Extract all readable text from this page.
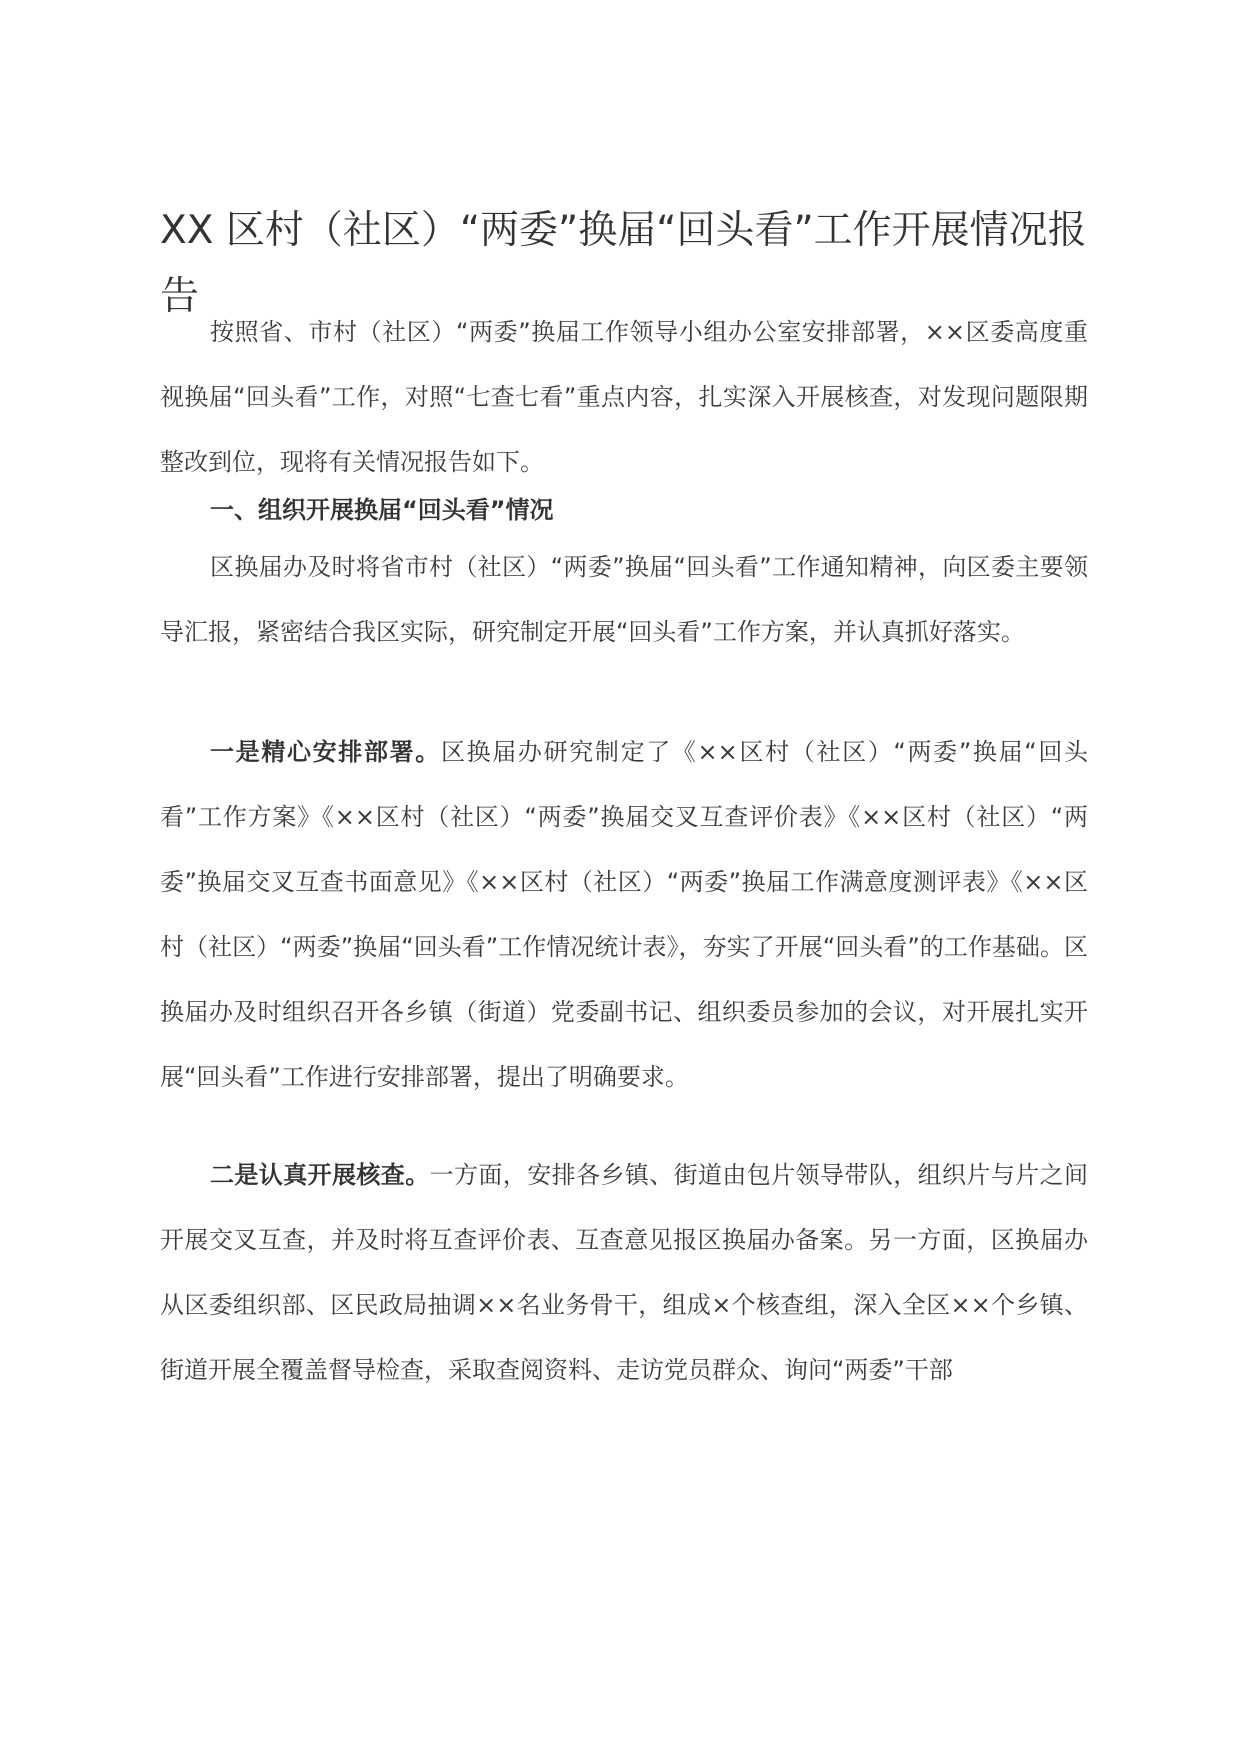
XX 区村（社区）“两委”换届“回头看”工作开展情况报告

按照省、市村（社区）“两委”换届工作领导小组办公室安排部署，××区委高度重视换届“回头看”工作，对照“七查七看”重点内容，扎实深入开展核查，对发现问题限期整改到位，现将有关情况报告如下。

一、组织开展换届“回头看”情况

区换届办及时将省市村（社区）“两委”换届“回头看”工作通知精神，向区委主要领导汇报，紧密结合我区实际，研究制定开展“回头看”工作方案，并认真抓好落实。

一是精心安排部署。区换届办研究制定了《××区村（社区）“两委”换届“回头看”工作方案》《××区村（社区）“两委”换届交叉互查评价表》《××区村（社区）“两委”换届交叉互查书面意见》《××区村（社区）“两委”换届工作满意度测评表》《××区村（社区）“两委”换届“回头看”工作情况统计表》，夯实了开展“回头看”的工作基础。区换届办及时组织召开各乡镇（街道）党委副书记、组织委员参加的会议，对开展扎实开展“回头看”工作进行安排部署，提出了明确要求。

二是认真开展核查。一方面，安排各乡镇、街道由包片领导带队，组织片与片之间开展交叉互查，并及时将互查评价表、互查意见报区换届办备案。另一方面，区换届办从区委组织部、区民政局抽调××名业务骨干，组成×个核查组，深入全区××个乡镇、街道开展全覆盖督导检查，采取查阅资料、走访党员群众、询问“两委”干部
